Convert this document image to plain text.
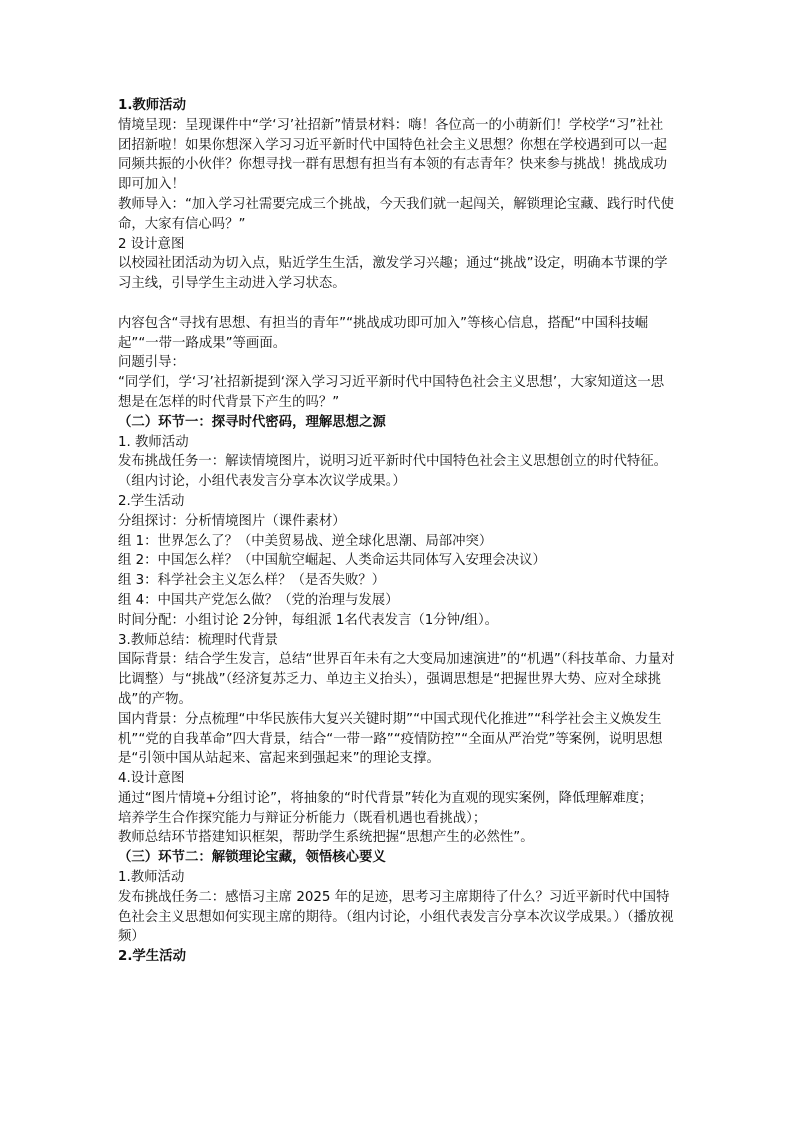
1.教师活动

情境呈现：呈现课件中“学‘习’社招新”情景材料：嗨！各位高一的小萌新们！学校学“习”社社团招新啦！如果你想深入学习习近平新时代中国特色社会主义思想？你想在学校遇到可以一起同频共振的小伙伴？你想寻找一群有思想有担当有本领的有志青年？快来参与挑战！挑战成功即可加入！

教师导入：“加入学习社需要完成三个挑战，今天我们就一起闯关，解锁理论宝藏、践行时代使命，大家有信心吗？”

2 设计意图

以校园社团活动为切入点，贴近学生生活，激发学习兴趣；通过“挑战”设定，明确本节课的学习主线，引导学生主动进入学习状态。

内容包含“寻找有思想、有担当的青年”“挑战成功即可加入”等核心信息，搭配“中国科技崛起”“一带一路成果”等画面。

问题引导：

“同学们，学‘习’社招新提到‘深入学习习近平新时代中国特色社会主义思想’，大家知道这一思想是在怎样的时代背景下产生的吗？”

（二）环节一：探寻时代密码，理解思想之源

1. 教师活动

发布挑战任务一：解读情境图片，说明习近平新时代中国特色社会主义思想创立的时代特征。（组内讨论，小组代表发言分享本次议学成果。）

2.学生活动

分组探讨：分析情境图片（课件素材）

组 1：世界怎么了？（中美贸易战、逆全球化思潮、局部冲突）

组 2：中国怎么样？（中国航空崛起、人类命运共同体写入安理会决议）

组 3：科学社会主义怎么样？（是否失败？）

组 4：中国共产党怎么做？（党的治理与发展）

时间分配：小组讨论 2分钟，每组派 1名代表发言（1分钟/组）。

3.教师总结：梳理时代背景

国际背景：结合学生发言，总结“世界百年未有之大变局加速演进”的“机遇”（科技革命、力量对比调整）与“挑战”（经济复苏乏力、单边主义抬头），强调思想是“把握世界大势、应对全球挑战”的产物。

国内背景：分点梳理“中华民族伟大复兴关键时期”“中国式现代化推进”“科学社会主义焕发生机”“党的自我革命”四大背景，结合“一带一路”“疫情防控”“全面从严治党”等案例，说明思想是“引领中国从站起来、富起来到强起来”的理论支撑。

4.设计意图

通过“图片情境+分组讨论”，将抽象的“时代背景”转化为直观的现实案例，降低理解难度；

培养学生合作探究能力与辩证分析能力（既看机遇也看挑战）；

教师总结环节搭建知识框架，帮助学生系统把握“思想产生的必然性”。

（三）环节二：解锁理论宝藏，领悟核心要义

1.教师活动

发布挑战任务二：感悟习主席 2025 年的足迹，思考习主席期待了什么？习近平新时代中国特色社会主义思想如何实现主席的期待。（组内讨论，小组代表发言分享本次议学成果。）（播放视频）

2.学生活动
